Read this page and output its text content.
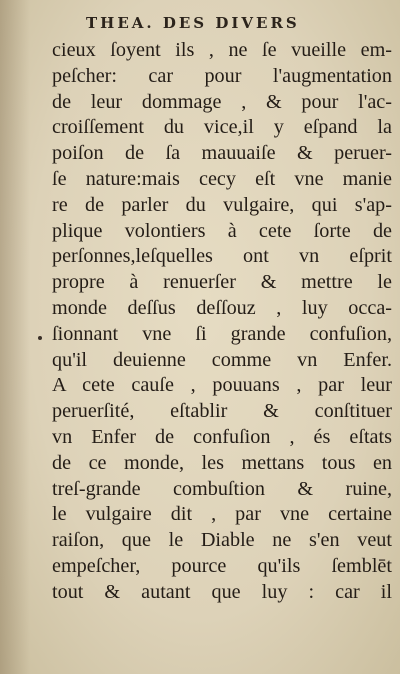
THEA. DES DIVERS
cieux ſoyent ils , ne ſe vueille em-
peſcher: car pour l'augmentation
de leur dommage , & pour l'ac-
croiſſement du vice,il y eſpand la
poiſon de ſa mauuaiſe & peruer-
ſe nature:mais cecy eſt vne manie
re de parler du vulgaire, qui s'ap-
plique volontiers à cete ſorte de
perſonnes,leſquelles ont vn eſprit
propre à renuerſer & mettre le
monde deſſus deſſouz , luy occa-
ſionnant vne ſi grande confuſion,
qu'il deuienne comme vn Enfer.
A cete cauſe , pouuans , par leur
peruerſité, eſtablir & conſtituer
vn Enfer de confuſion , és eſtats
de ce monde, les mettans tous en
treſ-grande combuſtion & ruine,
le vulgaire dit , par vne certaine
raiſon, que le Diable ne s'en veut
empeſcher, pource qu'ils ſemblēt
tout & autant que luy : car il
